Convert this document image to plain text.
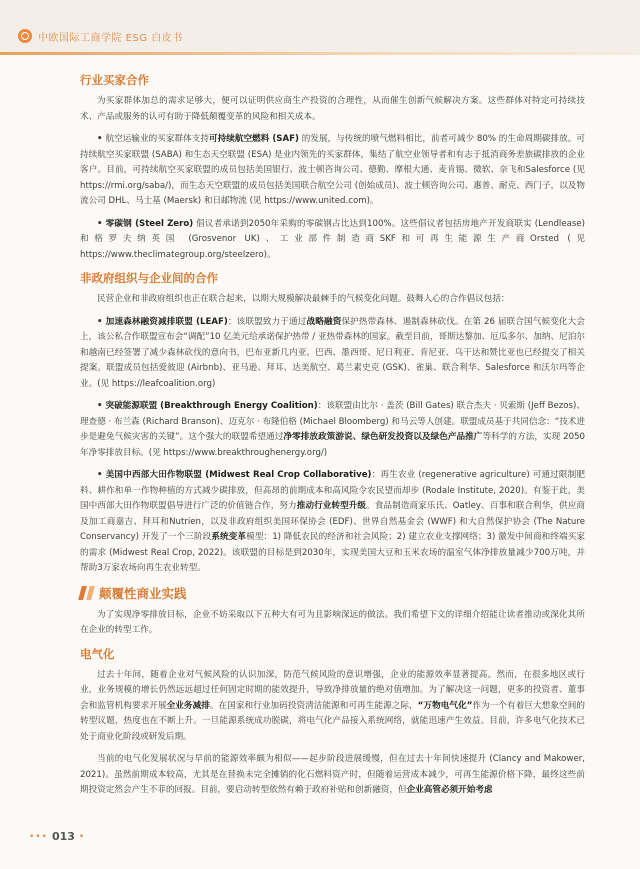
中欧国际工商学院 ESG 白皮书
行业买家合作

为买家群体加总的需求足够大，便可以证明供应商生产投资的合理性，从而催生创新气候解决方案。这些群体对特定可持续技术、产品或服务的认可有助于降低颠覆变革的风险和相关成本。

• 航空运输业的买家群体支持可持续航空燃料 (SAF) 的发展，与传统的喷气燃料相比，前者可减少 80% 的生命周期碳排放。可持续航空买家联盟 (SABA) 和生态天空联盟 (ESA) 是业内领先的买家群体，集结了航空业领导者和有志于抵消商务差旅碳排放的企业客户。目前，可持续航空买家联盟的成员包括美国银行、波士顿咨询公司、德勤、摩根大通、麦肯锡、微软、奈飞和Salesforce (见 https://rmi.org/saba/)，而生态天空联盟的成员包括美国联合航空公司 (创始成员)、波士顿咨询公司、惠普、耐克、西门子，以及物流公司 DHL、马士基 (Maersk) 和日邮物流 (见 https://www.united.com)。

• 零碳钢 (Steel Zero) 倡议者承诺到2050年采购的零碳钢占比达到100%。这些倡议者包括房地产开发商联实 (Lendlease) 和格罗夫纳英国 (Grosvenor UK)、工业部件制造商SKF和可再生能源生产商Orsted (见https://www.theclimategroup.org/steelzero)。

非政府组织与企业间的合作

民营企业和非政府组织也正在联合起来，以期大规模解决最棘手的气候变化问题。鼓舞人心的合作倡议包括：

• 加速森林融资减排联盟 (LEAF)：该联盟致力于通过战略融资保护热带森林、遏制森林砍伐。在第 26 届联合国气候变化大会上，该公私合作联盟宣布会“调配”10 亿美元给承诺保护热带 / 亚热带森林的国家。截至目前，哥斯达黎加、厄瓜多尔、加纳、尼泊尔和越南已经签署了减少森林砍伐的意向书，巴布亚新几内亚、巴西、墨西哥、尼日利亚、肯尼亚、乌干达和赞比亚也已经提交了相关提案。联盟成员包括爱彼迎 (Airbnb)、亚马逊、拜耳、达美航空、葛兰素史克 (GSK)、雀巢、联合利华、Salesforce 和沃尔玛等企业。(见 https://leafcoalition.org)

• 突破能源联盟 (Breakthrough Energy Coalition)：该联盟由比尔 · 盖茨 (Bill Gates) 联合杰夫 · 贝索斯 (Jeff Bezos)、理查德 · 布兰森 (Richard Branson)、迈克尔 · 布隆伯格 (Michael Bloomberg) 和马云等人创建。联盟成员基于共同信念：“技术进步是避免气候灾害的关键”。这个强大的联盟希望通过净零排放政策游说、绿色研发投资以及绿色产品推广等科学的方法，实现 2050 年净零排放目标。(见 https://www.breakthroughenergy.org/)

• 美国中西部大田作物联盟 (Midwest Real Crop Collaborative)：再生农业 (regenerative agriculture) 可通过限制肥料、耕作和单一作物种植的方式减少碳排放，但高昂的前期成本和高风险令农民望而却步 (Rodale Institute, 2020)。有鉴于此，美国中西部大田作物联盟倡导进行广泛的价值链合作，努力推动行业转型升级。食品制造商家乐氏、Oatley、百事和联合利华，供应商及加工商嘉吉、拜耳和Nutrien，以及非政府组织美国环保协会 (EDF)、世界自然基金会 (WWF) 和大自然保护协会 (The Nature Conservancy) 开发了一个三阶段系统变革模型：1) 降低农民的经济和社会风险；2) 建立农业支撑网络；3) 激发中间商和终端买家的需求 (Midwest Real Crop, 2022)。该联盟的目标是到2030年，实现美国大豆和玉米农场的温室气体净排放量减少700万吨，并帮助3万家农场向再生农业转型。

颠覆性商业实践

为了实现净零排放目标，企业不妨采取以下五种大有可为且影响深远的做法。我们希望下文的详细介绍能让读者推动或深化其所在企业的转型工作。

电气化

过去十年间，随着企业对气候风险的认识加深，防范气候风险的意识增强，企业的能源效率显著提高。然而，在很多地区或行业，业务规模的增长仍然远远超过任何固定时期的能效提升，导致净排放量的绝对值增加。为了解决这一问题，更多的投资者、董事会和监管机构要求开展全业务减排。在国家和行业加码投资清洁能源和可再生能源之际，“万物电气化”作为一个有着巨大想象空间的转型议题，热度也在不断上升。一旦能源系统成功脱碳，将电气化产品接入系统网络，就能迅速产生效益。目前，许多电气化技术已处于商业化阶段或研发后期。

当前的电气化发展状况与早前的能源效率颇为相似——起步阶段进展缓慢，但在过去十年间快速提升 (Clancy and Makower, 2021)。虽然前期成本较高，尤其是在替换未完全摊销的化石燃料资产时，但随着运营成本减少，可再生能源价格下降，最终这些前期投资定然会产生不菲的回报。目前，要启动转型依然有赖于政府补贴和创新融资，但企业高管必须开始考虑

••• 013 •
